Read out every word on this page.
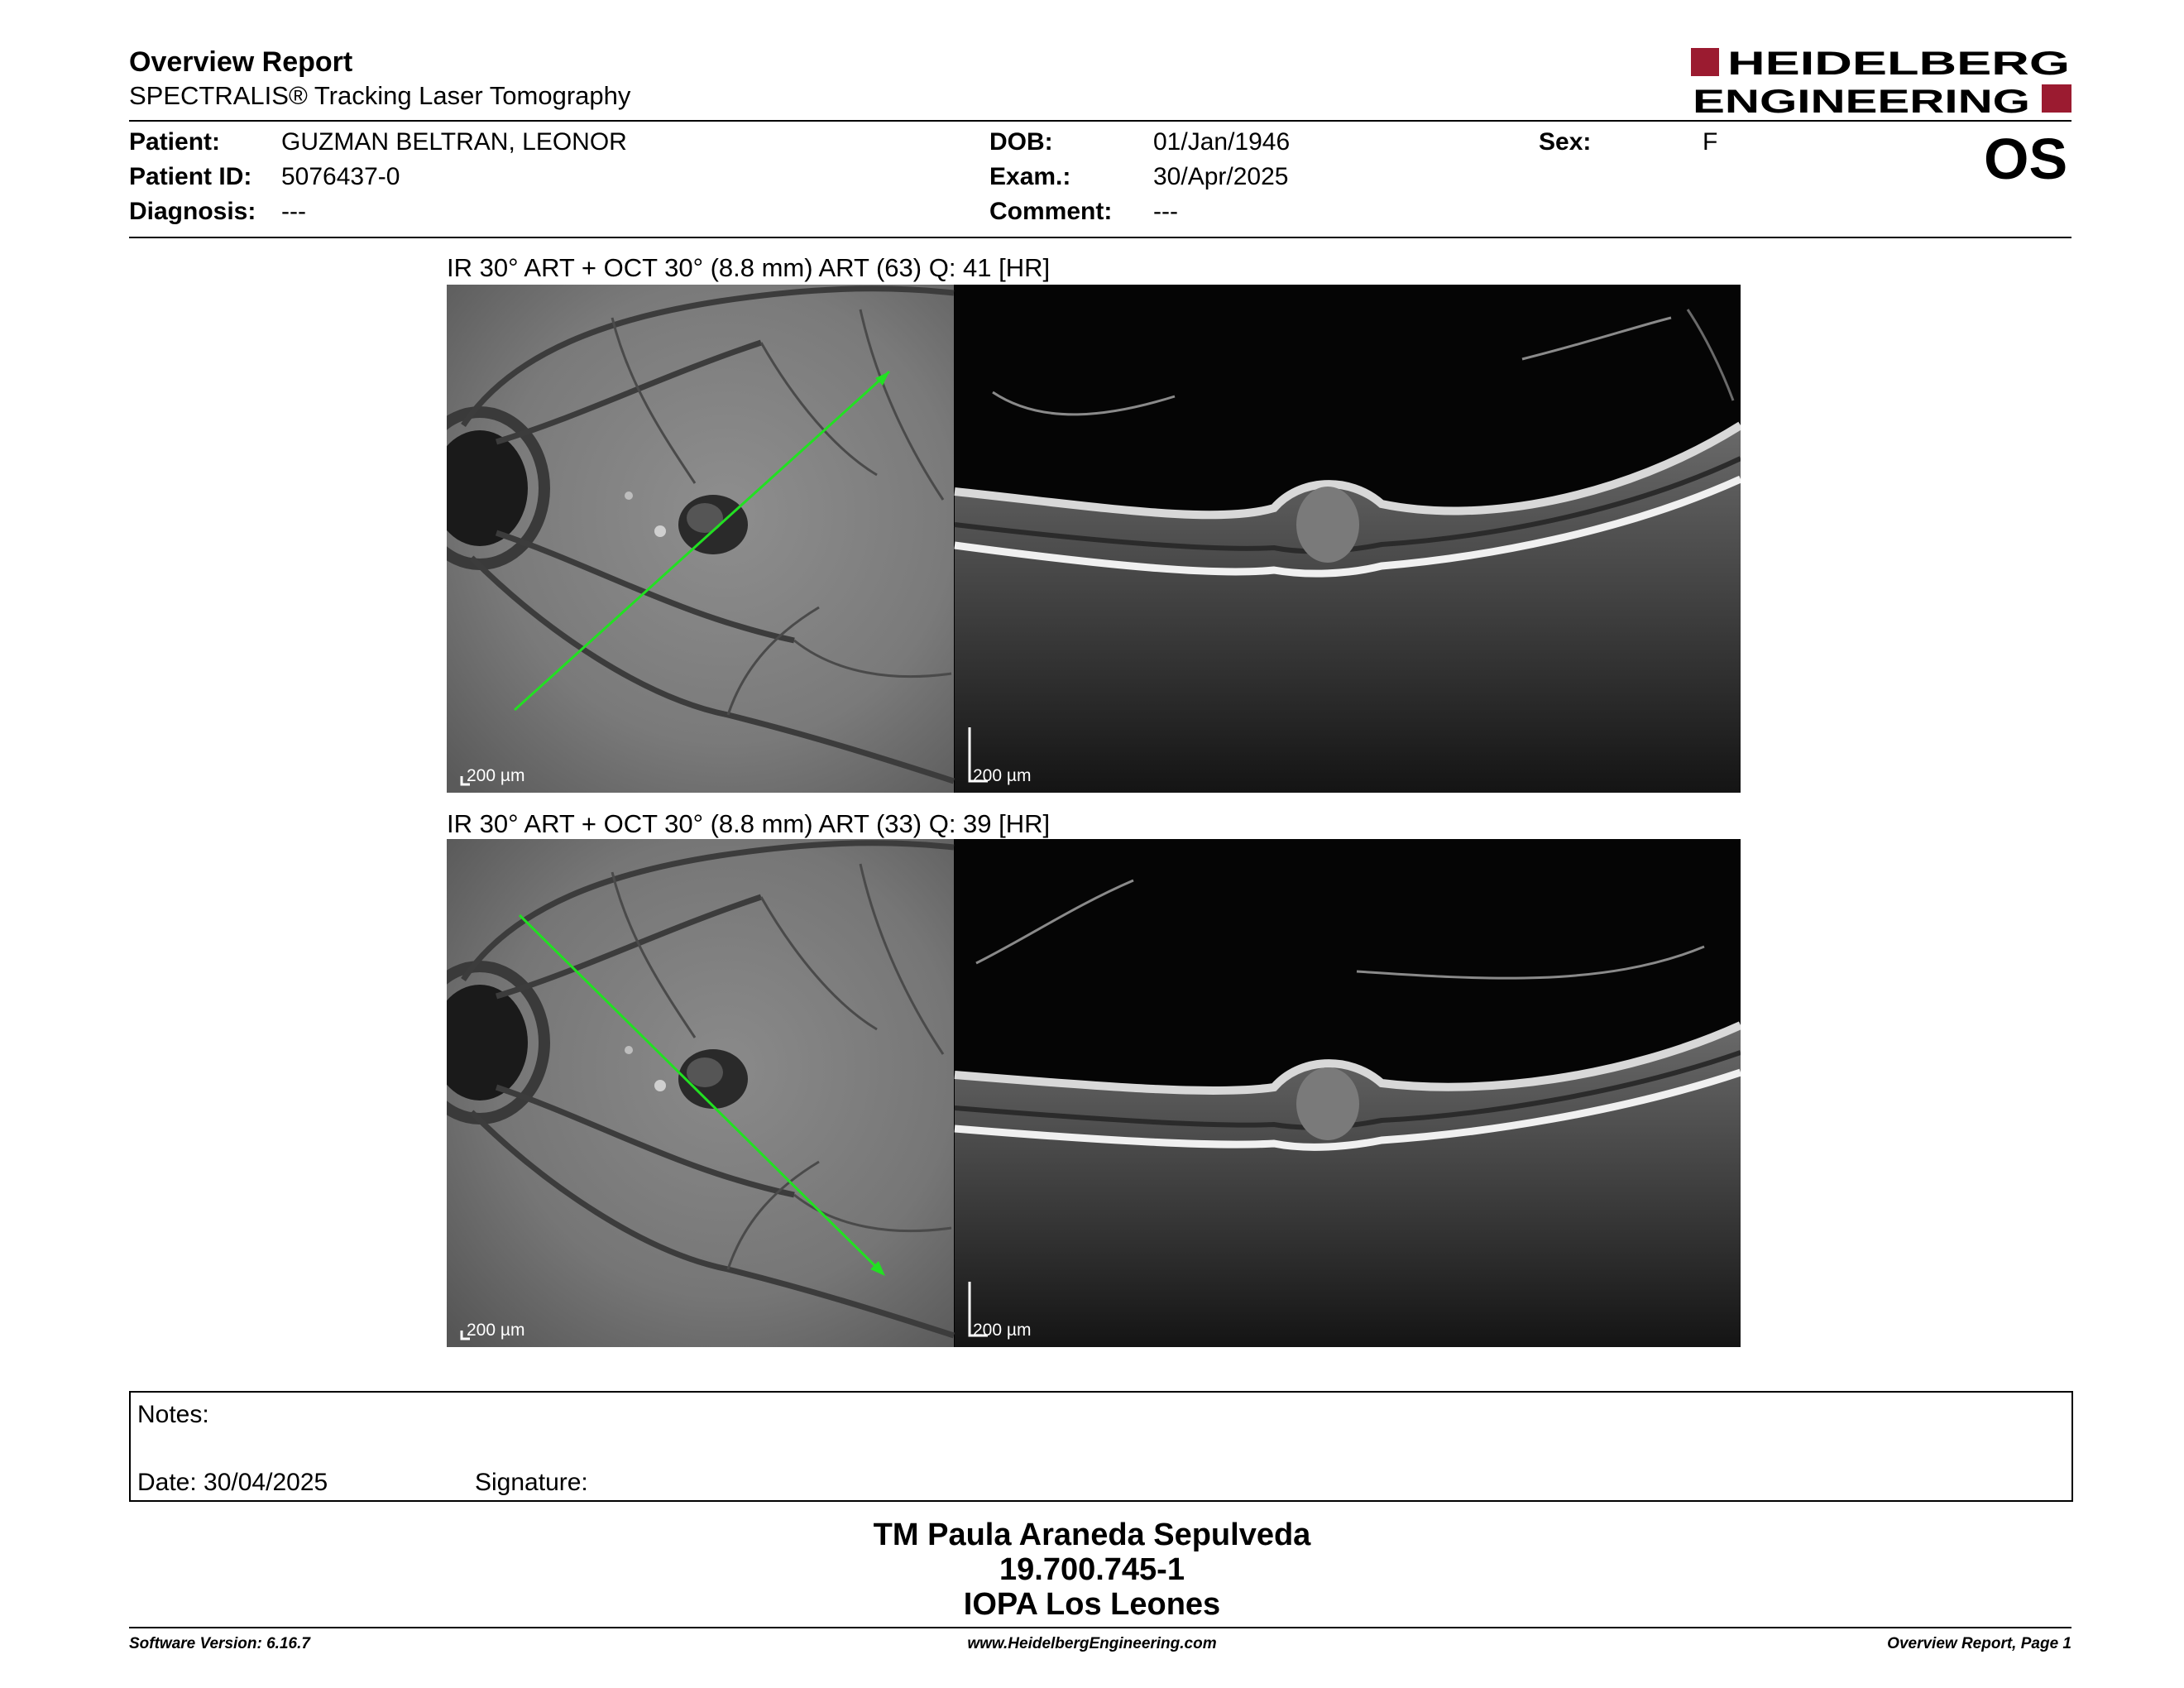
Overview Report
SPECTRALIS® Tracking Laser Tomography
HEIDELBERG
ENGINEERING
Patient: GUZMAN BELTRAN, LEONOR
Patient ID: 5076437-0
Diagnosis: ---
DOB:	01/Jan/1946
Exam.:	30/Apr/2025
Comment: ---
Sex:	F	OS
IR 30° ART + OCT 30° (8.8 mm) ART (63) Q: 41 [HR]
200 µm	200 µm
IR 30° ART + OCT 30° (8.8 mm) ART (33) Q: 39 [HR]
200 µm	200 µm
Notes:
Date: 30/04/2025	Signature:
TM Paula Araneda Sepulveda
19.700.745-1
IOPA Los Leones
Software Version: 6.16.7	www.HeidelbergEngineering.com	Overview Report, Page 1
